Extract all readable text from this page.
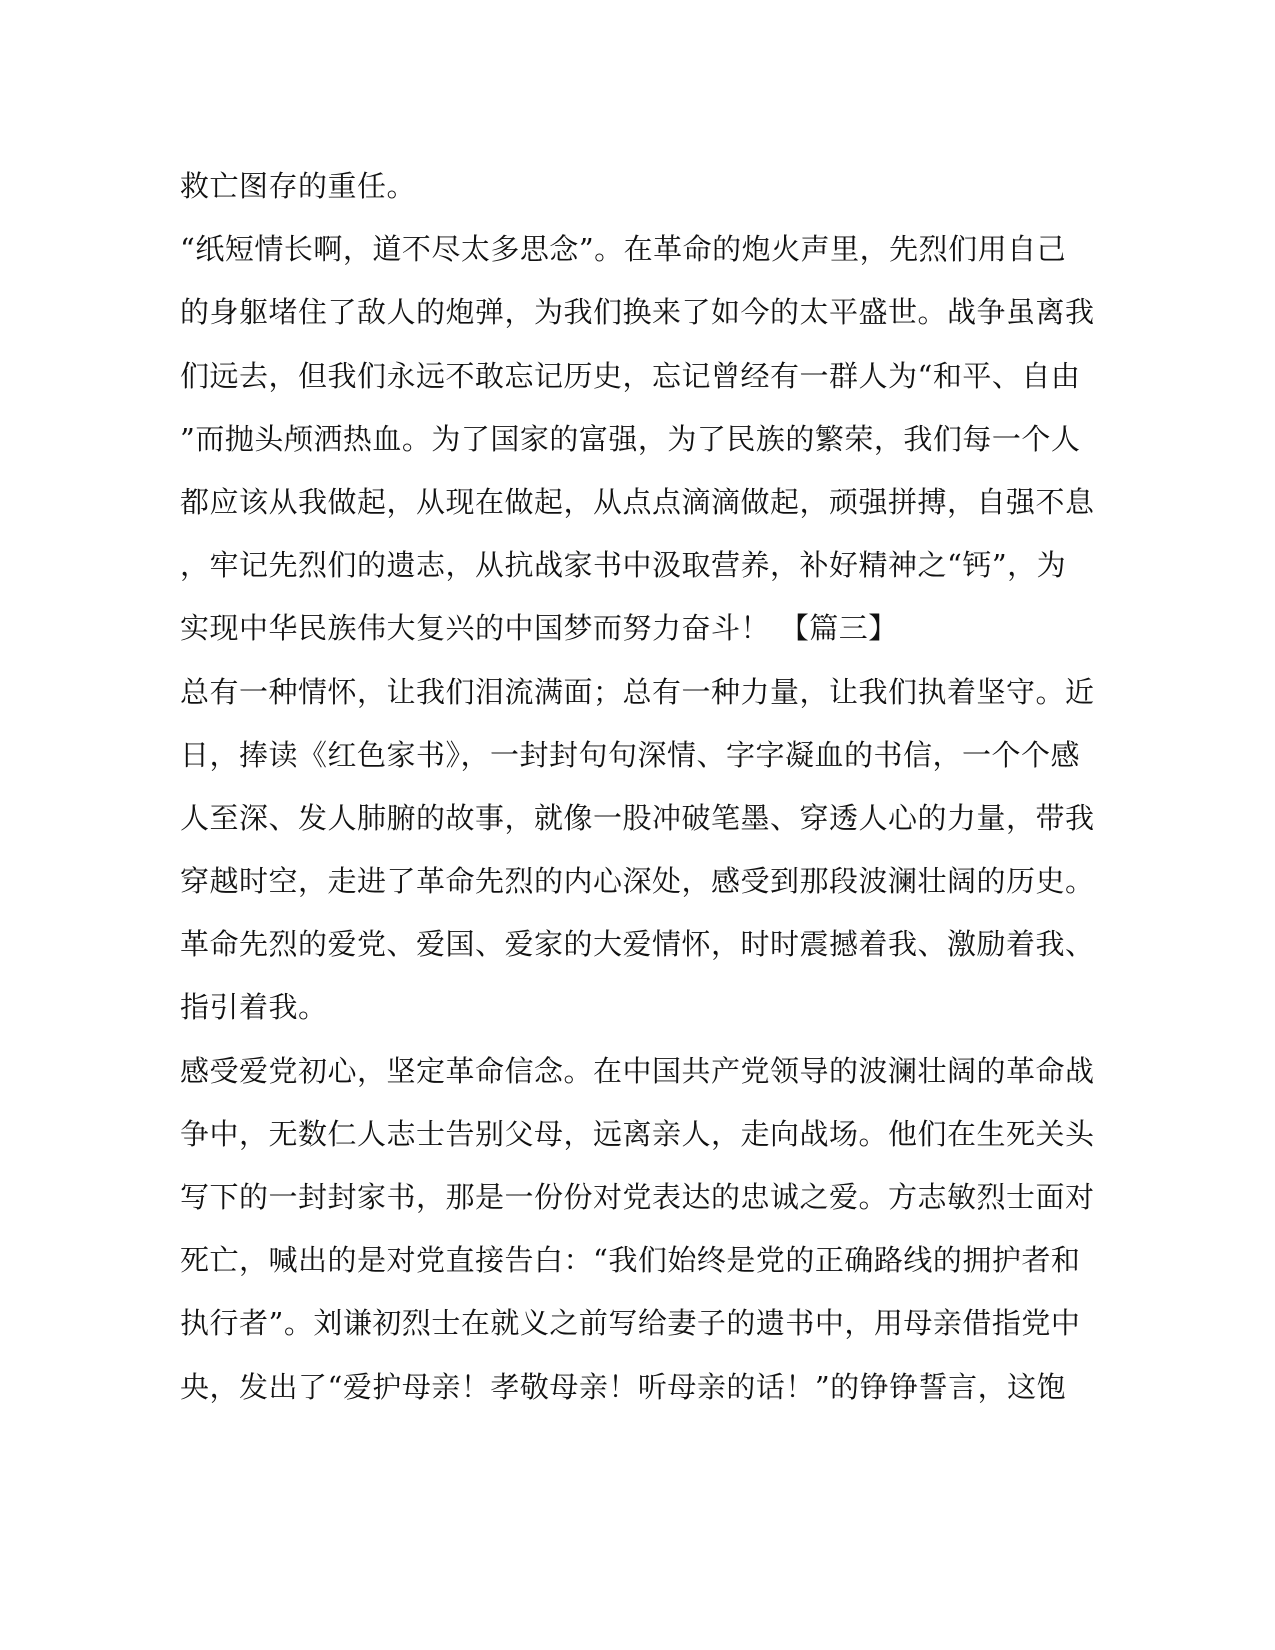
救亡图存的重任。
“纸短情长啊，道不尽太多思念”。在革命的炮火声里，先烈们用自己
的身躯堵住了敌人的炮弹，为我们换来了如今的太平盛世。战争虽离我
们远去，但我们永远不敢忘记历史，忘记曾经有一群人为“和平、自由
”而抛头颅洒热血。为了国家的富强，为了民族的繁荣，我们每一个人
都应该从我做起，从现在做起，从点点滴滴做起，顽强拼搏，自强不息
，牢记先烈们的遗志，从抗战家书中汲取营养，补好精神之“钙”，为
实现中华民族伟大复兴的中国梦而努力奋斗！ 【篇三】
总有一种情怀，让我们泪流满面；总有一种力量，让我们执着坚守。近
日，捧读《红色家书》，一封封句句深情、字字凝血的书信，一个个感
人至深、发人肺腑的故事，就像一股冲破笔墨、穿透人心的力量，带我
穿越时空，走进了革命先烈的内心深处，感受到那段波澜壮阔的历史。
革命先烈的爱党、爱国、爱家的大爱情怀，时时震撼着我、激励着我、
指引着我。
感受爱党初心，坚定革命信念。在中国共产党领导的波澜壮阔的革命战
争中，无数仁人志士告别父母，远离亲人，走向战场。他们在生死关头
写下的一封封家书，那是一份份对党表达的忠诚之爱。方志敏烈士面对
死亡，喊出的是对党直接告白：“我们始终是党的正确路线的拥护者和
执行者”。刘谦初烈士在就义之前写给妻子的遗书中，用母亲借指党中
央，发出了“爱护母亲！孝敬母亲！听母亲的话！”的铮铮誓言，这饱
